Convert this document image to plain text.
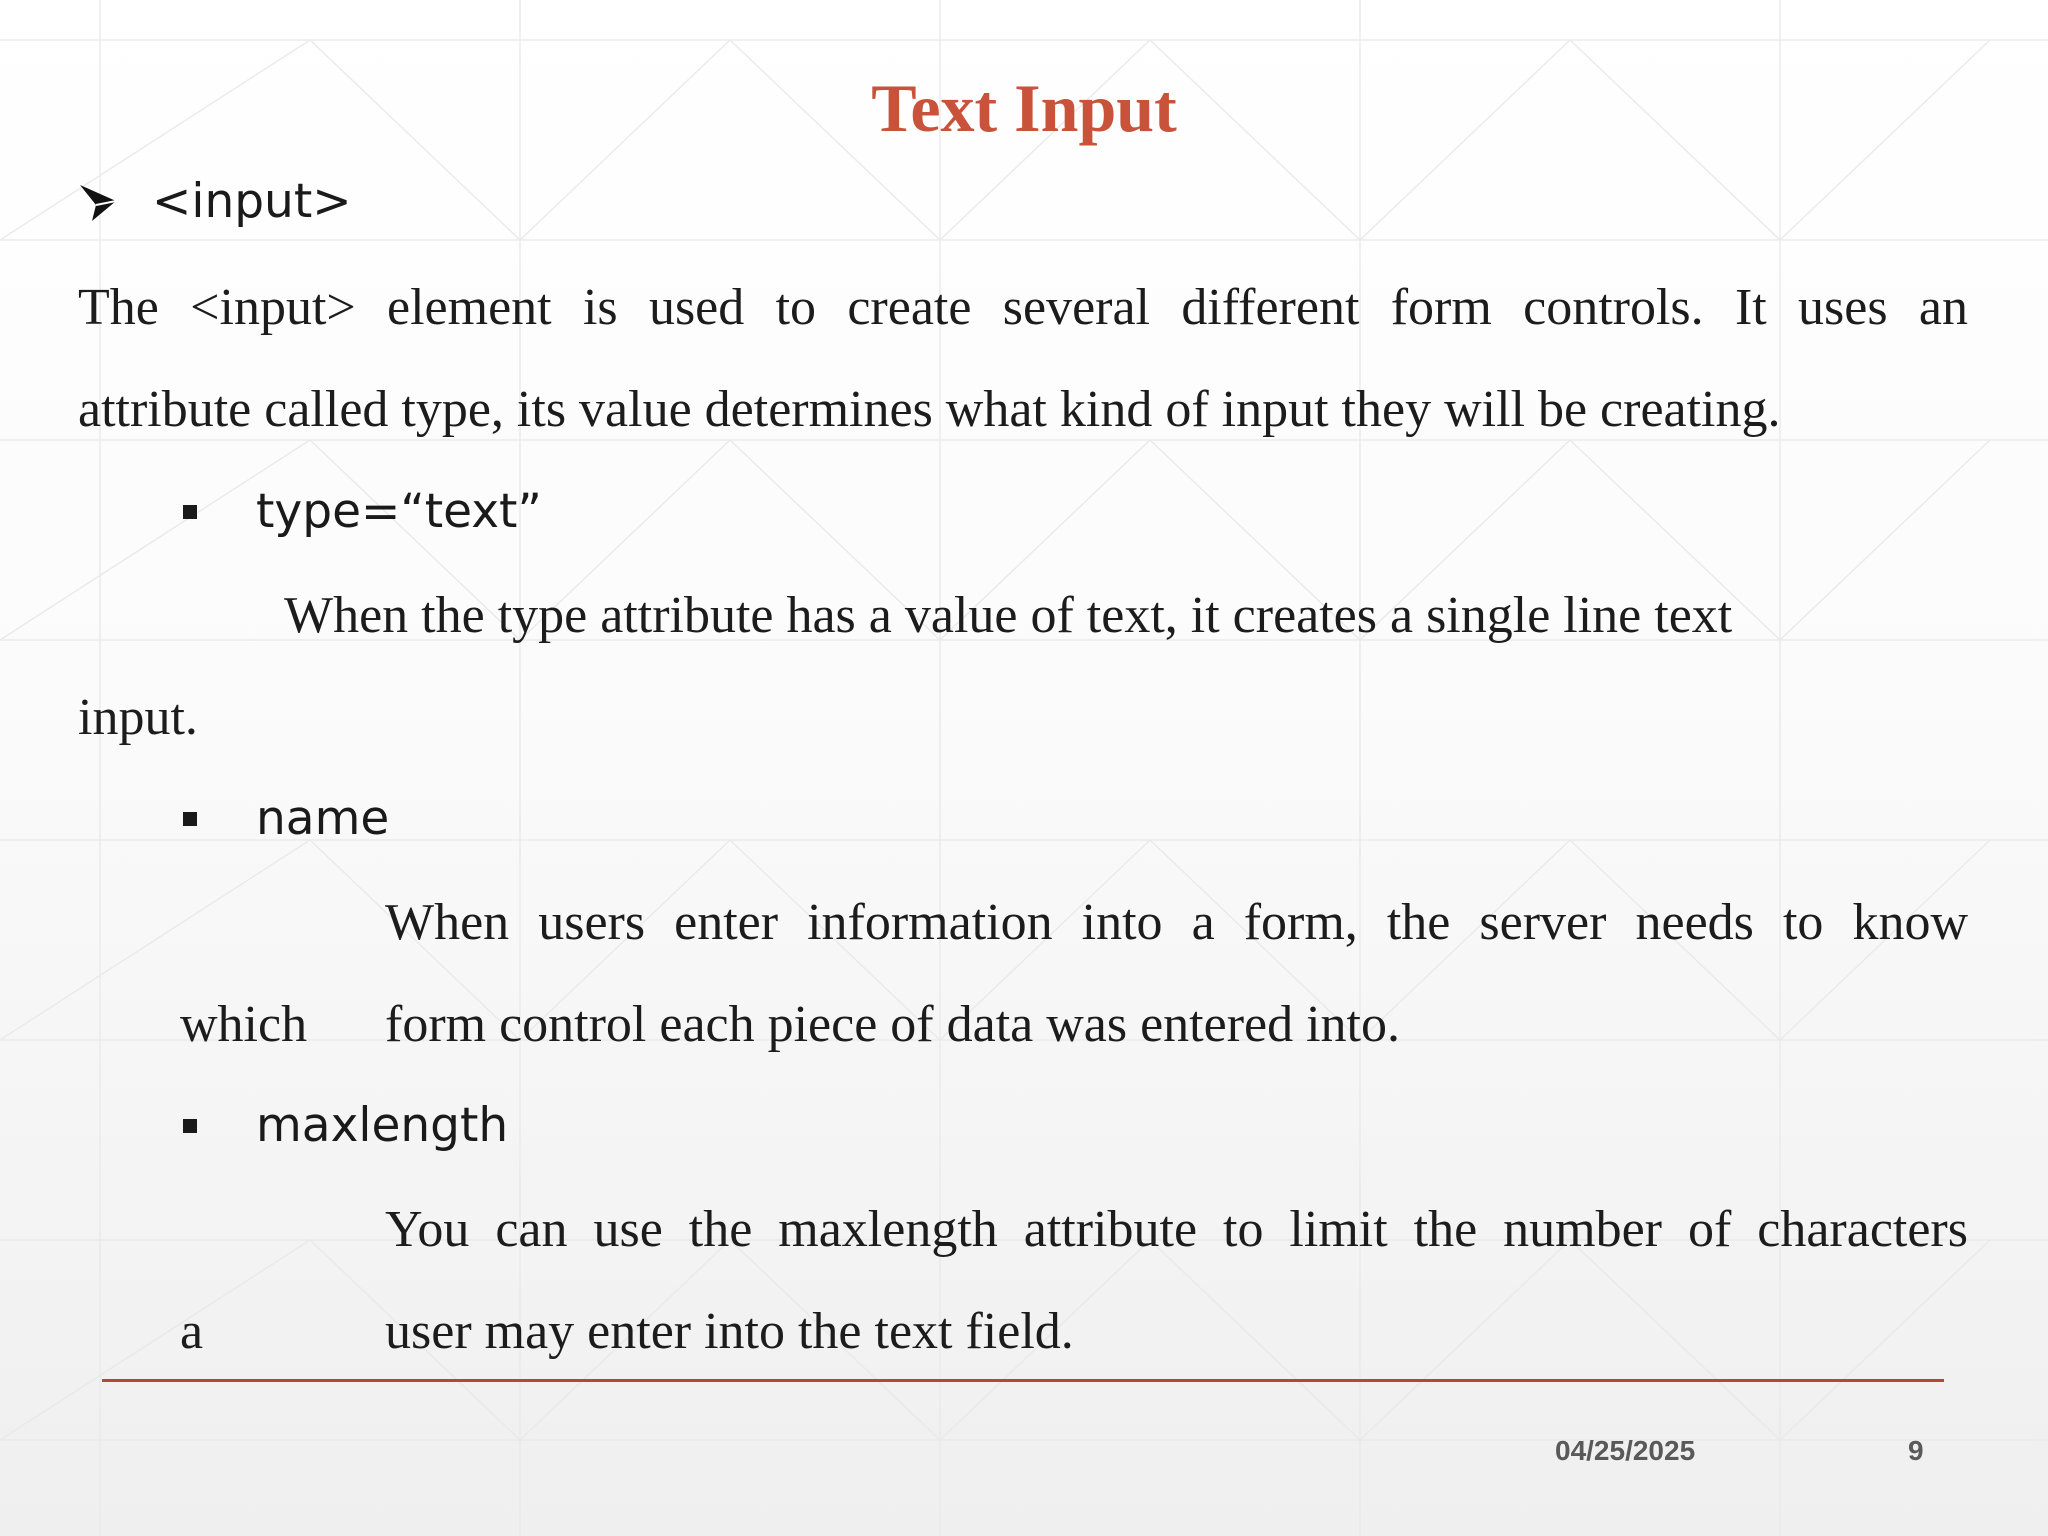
Text Input
<input>
The <input> element is used to create several different form controls. It uses an
attribute called type, its value determines what kind of input they will be creating.
type=“text”
When the type attribute has a value of text, it creates a single line text
input.
name
When users enter information into a form, the server needs to know
which form control each piece of data was entered into.
maxlength
You can use the maxlength attribute to limit the number of characters
a	user may enter into the text field.
04/25/2025	9
